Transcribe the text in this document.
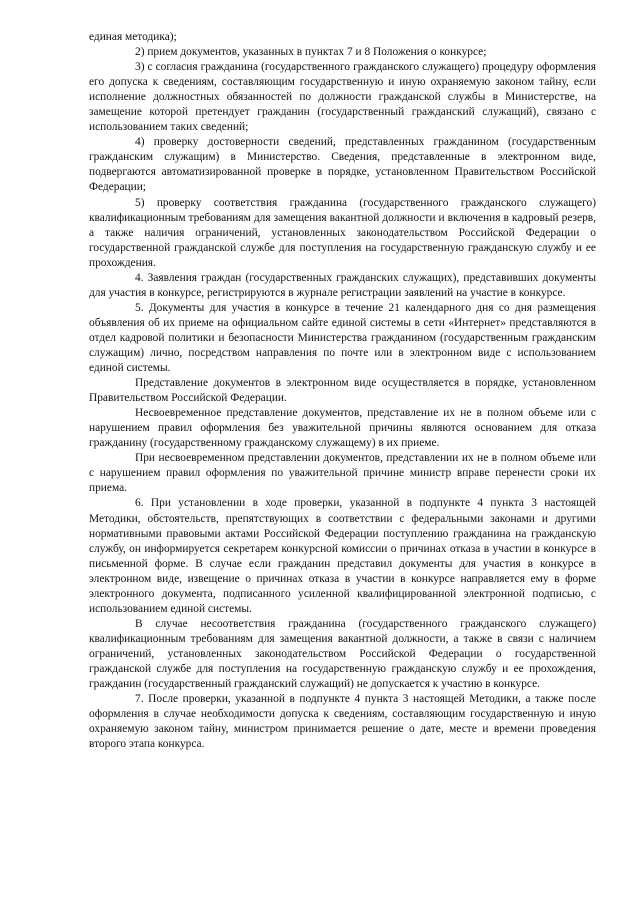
единая методика);

2) прием документов, указанных в пунктах 7 и 8 Положения о конкурсе;

3) с согласия гражданина (государственного гражданского служащего) процедуру оформления его допуска к сведениям, составляющим государственную и иную охраняемую законом тайну, если исполнение должностных обязанностей по должности гражданской службы в Министерстве, на замещение которой претендует гражданин (государственный гражданский служащий), связано с использованием таких сведений;

4) проверку достоверности сведений, представленных гражданином (государственным гражданским служащим) в Министерство. Сведения, представленные в электронном виде, подвергаются автоматизированной проверке в порядке, установленном Правительством Российской Федерации;

5) проверку соответствия гражданина (государственного гражданского служащего) квалификационным требованиям для замещения вакантной должности и включения в кадровый резерв, а также наличия ограничений, установленных законодательством Российской Федерации о государственной гражданской службе для поступления на государственную гражданскую службу и ее прохождения.

4. Заявления граждан (государственных гражданских служащих), представивших документы для участия в конкурсе, регистрируются в журнале регистрации заявлений на участие в конкурсе.

5. Документы для участия в конкурсе в течение 21 календарного дня со дня размещения объявления об их приеме на официальном сайте единой системы в сети «Интернет» представляются в отдел кадровой политики и безопасности Министерства гражданином (государственным гражданским служащим) лично, посредством направления по почте или в электронном виде с использованием единой системы.

Представление документов в электронном виде осуществляется в порядке, установленном Правительством Российской Федерации.

Несвоевременное представление документов, представление их не в полном объеме или с нарушением правил оформления без уважительной причины являются основанием для отказа гражданину (государственному гражданскому служащему) в их приеме.

При несвоевременном представлении документов, представлении их не в полном объеме или с нарушением правил оформления по уважительной причине министр вправе перенести сроки их приема.

6. При установлении в ходе проверки, указанной в подпункте 4 пункта 3 настоящей Методики, обстоятельств, препятствующих в соответствии с федеральными законами и другими нормативными правовыми актами Российской Федерации поступлению гражданина на гражданскую службу, он информируется секретарем конкурсной комиссии о причинах отказа в участии в конкурсе в письменной форме. В случае если гражданин представил документы для участия в конкурсе в электронном виде, извещение о причинах отказа в участии в конкурсе направляется ему в форме электронного документа, подписанного усиленной квалифицированной электронной подписью, с использованием единой системы.

В случае несоответствия гражданина (государственного гражданского служащего) квалификационным требованиям для замещения вакантной должности, а также в связи с наличием ограничений, установленных законодательством Российской Федерации о государственной гражданской службе для поступления на государственную гражданскую службу и ее прохождения, гражданин (государственный гражданский служащий) не допускается к участию в конкурсе.

7. После проверки, указанной в подпункте 4 пункта 3 настоящей Методики, а также после оформления в случае необходимости допуска к сведениям, составляющим государственную и иную охраняемую законом тайну, министром принимается решение о дате, месте и времени проведения второго этапа конкурса.
